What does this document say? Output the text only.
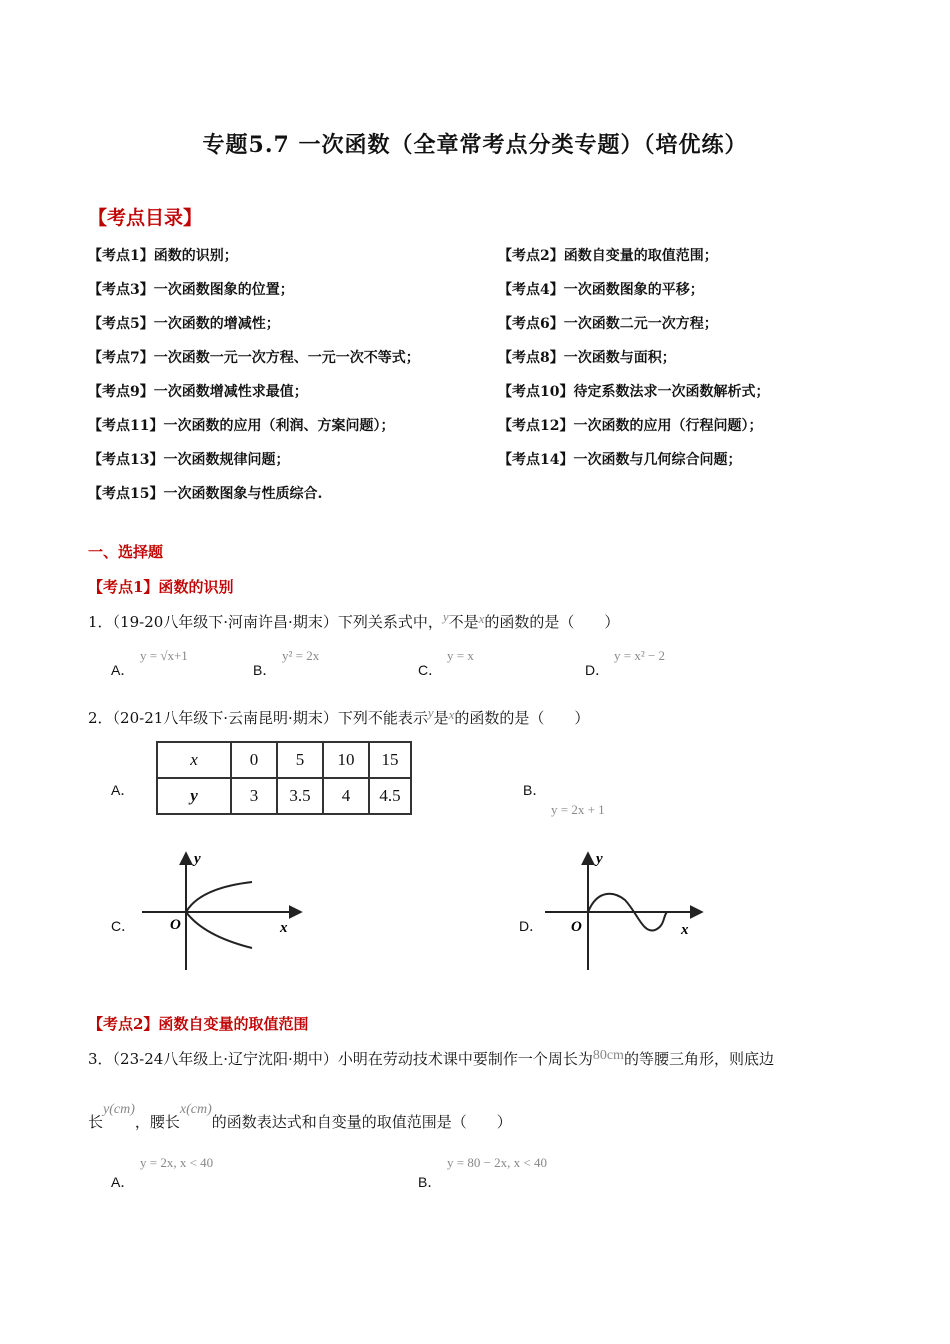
专题5.7 一次函数（全章常考点分类专题）（培优练）
【考点目录】
【考点1】函数的识别；	【考点2】函数自变量的取值范围；
【考点3】一次函数图象的位置；	【考点4】一次函数图象的平移；
【考点5】一次函数的增减性；	【考点6】一次函数二元一次方程；
【考点7】一次函数一元一次方程、一元一次不等式；	【考点8】一次函数与面积；
【考点9】一次函数增减性求最值；	【考点10】待定系数法求一次函数解析式；
【考点11】一次函数的应用（利润、方案问题）；	【考点12】一次函数的应用（行程问题）；
【考点13】一次函数规律问题；	【考点14】一次函数与几何综合问题；
【考点15】一次函数图象与性质综合.
一、选择题
【考点1】函数的识别
1．（19-20八年级下·河南许昌·期末）下列关系式中，y不是x的函数的是（　　）
A．
y = √x+1
B．
y² = 2x
C．
y = x
D．
y = x² − 2
2．（20-21八年级下·云南昆明·期末）下列不能表示y是x的函数的是（　　）
A．
x	0	5	10	15
y	3	3.5	4	4.5	B．
y = 2x + 1
C．
y
x
O	D．
y
x
O
【考点2】函数自变量的取值范围
3．（23-24八年级上·辽宁沈阳·期中）小明在劳动技术课中要制作一个周长为80cm的等腰三角形，则底边
长y(cm)，腰长x(cm)的函数表达式和自变量的取值范围是（　　）
A．
y = 2x, x < 40
B．
y = 80 − 2x, x < 40
